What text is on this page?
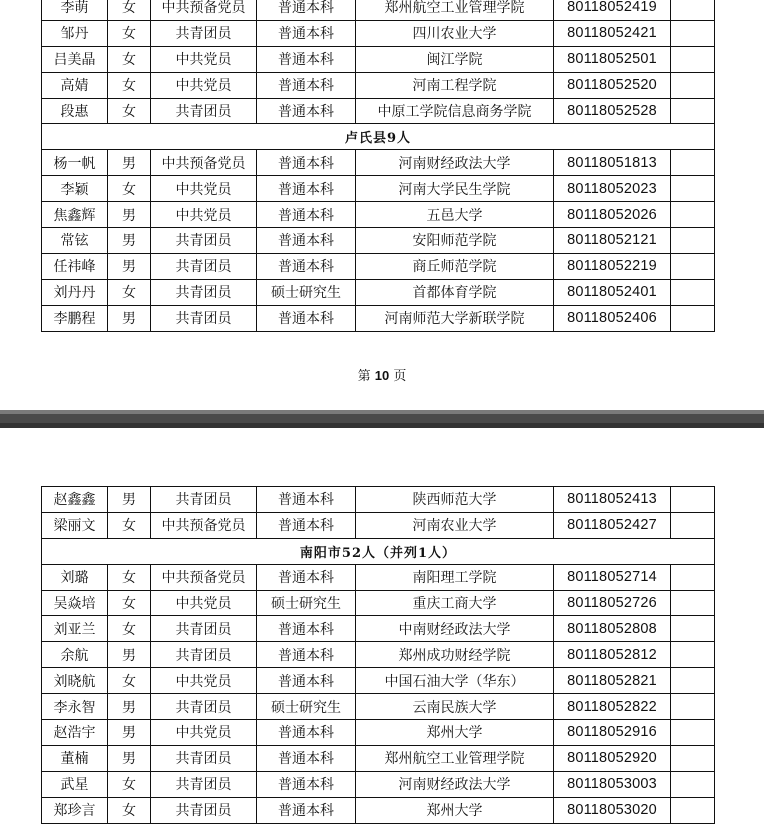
李萌	女	中共预备党员	普通本科	郑州航空工业管理学院	80118052419	
邹丹	女	共青团员	普通本科	四川农业大学	80118052421	
吕美晶	女	中共党员	普通本科	闽江学院	80118052501	
高婧	女	中共党员	普通本科	河南工程学院	80118052520	
段惠	女	共青团员	普通本科	中原工学院信息商务学院	80118052528	
卢氏县9人						
杨一帆	男	中共预备党员	普通本科	河南财经政法大学	80118051813	
李颖	女	中共党员	普通本科	河南大学民生学院	80118052023	
焦鑫辉	男	中共党员	普通本科	五邑大学	80118052026	
常铉	男	共青团员	普通本科	安阳师范学院	80118052121	
任祎峰	男	共青团员	普通本科	商丘师范学院	80118052219	
刘丹丹	女	共青团员	硕士研究生	首都体育学院	80118052401	
李鹏程	男	共青团员	普通本科	河南师范大学新联学院	80118052406	
第 10 页
赵鑫鑫	男	共青团员	普通本科	陕西师范大学	80118052413	
梁丽文	女	中共预备党员	普通本科	河南农业大学	80118052427	
南阳市52人（并列1人）						
刘璐	女	中共预备党员	普通本科	南阳理工学院	80118052714	
吴焱培	女	中共党员	硕士研究生	重庆工商大学	80118052726	
刘亚兰	女	共青团员	普通本科	中南财经政法大学	80118052808	
余航	男	共青团员	普通本科	郑州成功财经学院	80118052812	
刘晓航	女	中共党员	普通本科	中国石油大学（华东）	80118052821	
李永智	男	共青团员	硕士研究生	云南民族大学	80118052822	
赵浩宇	男	中共党员	普通本科	郑州大学	80118052916	
董楠	男	共青团员	普通本科	郑州航空工业管理学院	80118052920	
武星	女	共青团员	普通本科	河南财经政法大学	80118053003	
郑珍言	女	共青团员	普通本科	郑州大学	80118053020	
